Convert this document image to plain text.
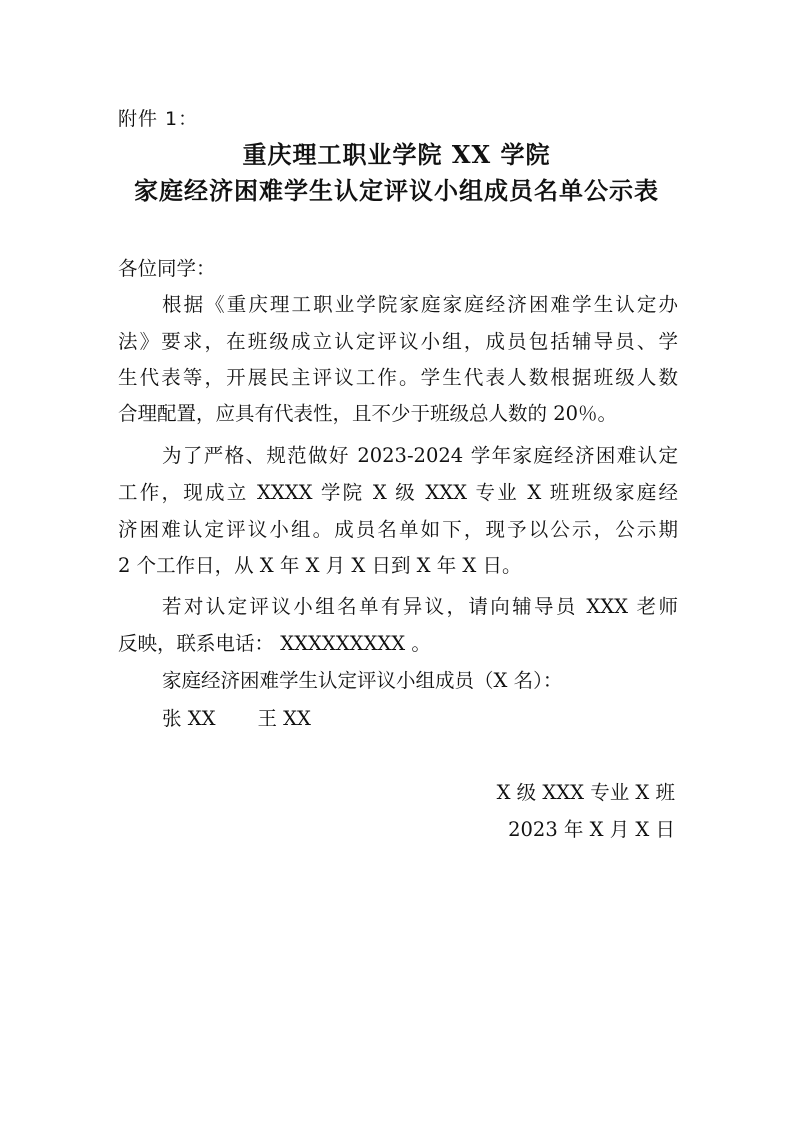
附件 1：
重庆理工职业学院 XX 学院
家庭经济困难学生认定评议小组成员名单公示表
各位同学：
根据《重庆理工职业学院家庭家庭经济困难学生认定办
法》要求，在班级成立认定评议小组，成员包括辅导员、学
生代表等，开展民主评议工作。学生代表人数根据班级人数
合理配置，应具有代表性，且不少于班级总人数的 20％。
为了严格、规范做好 2023-2024 学年家庭经济困难认定
工作，现成立 XXXX 学院 X 级 XXX 专业 X 班班级家庭经
济困难认定评议小组。成员名单如下，现予以公示，公示期
2 个工作日，从 X 年 X 月 X 日到 X 年 X 日。
若对认定评议小组名单有异议，请向辅导员 XXX 老师
反映，联系电话： XXXXXXXXX 。
家庭经济困难学生认定评议小组成员（X 名）：
张 XX 王 XX
X 级 XXX 专业 X 班
2023 年 X 月 X 日
